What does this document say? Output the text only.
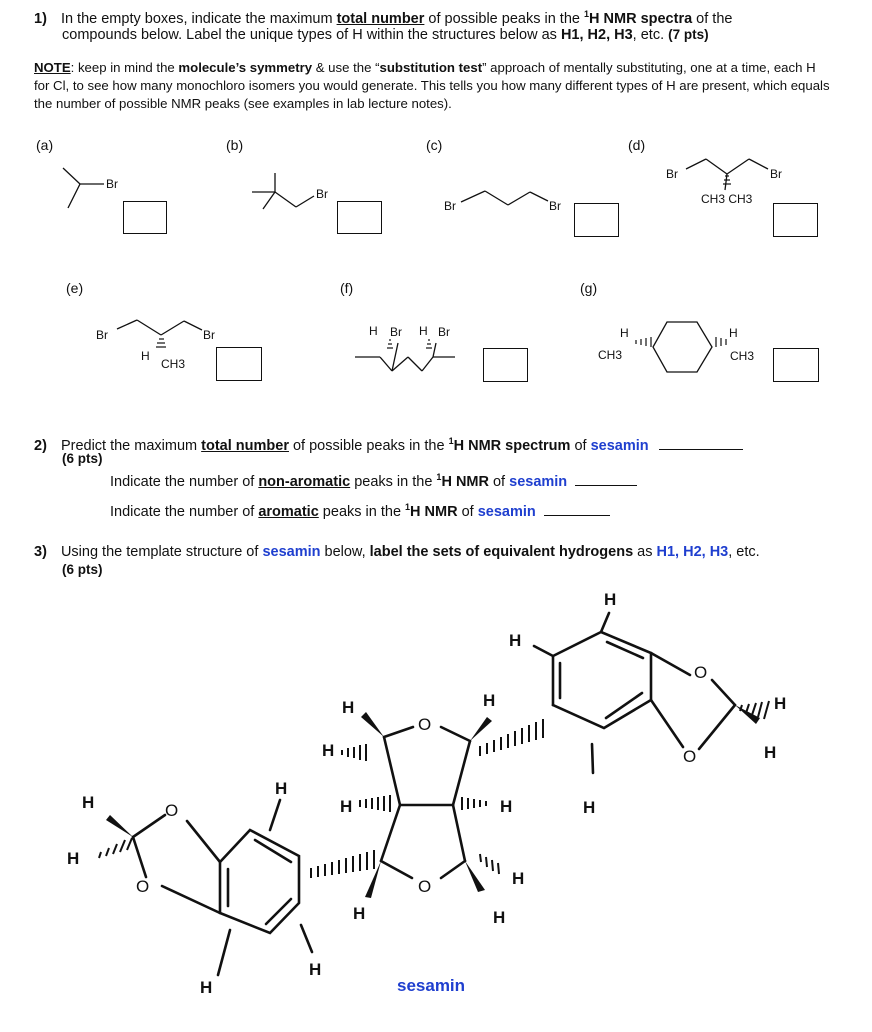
1) In the empty boxes, indicate the maximum total number of possible peaks in the $^1$H NMR spectra of the
compounds below. Label the unique types of H within the structures below as H1, H2, H3, etc. (7 pts)
NOTE: keep in mind the molecule’s symmetry & use the “substitution test” approach of mentally substituting, one at a time, each H for Cl, to see how many monochloro isomers you would generate. This tells you how many different types of H are present, which equals the number of possible NMR peaks (see examples in lab lecture notes).
(a)	(b)	(c)	(d)
(e)	(f)	(g)
Br
Br
Br	Br
Br	Br
CH3 CH3
Br	Br
H
CH3
H Br H Br	H
CH3
H
CH3
2) Predict the maximum total number of possible peaks in the $^1$H NMR spectrum of sesamin
(6 pts)
Indicate the number of non-aromatic peaks in the $^1$H NMR of sesamin
Indicate the number of aromatic peaks in the $^1$H NMR of sesamin
3) Using the template structure of sesamin below, label the sets of equivalent hydrogens as H1, H2, H3, etc.
(6 pts)
H
H
H
H
H
H
H
H	H	H
H
H
H
H
H	H
H
H
O
O
O
O
O
O
sesamin
